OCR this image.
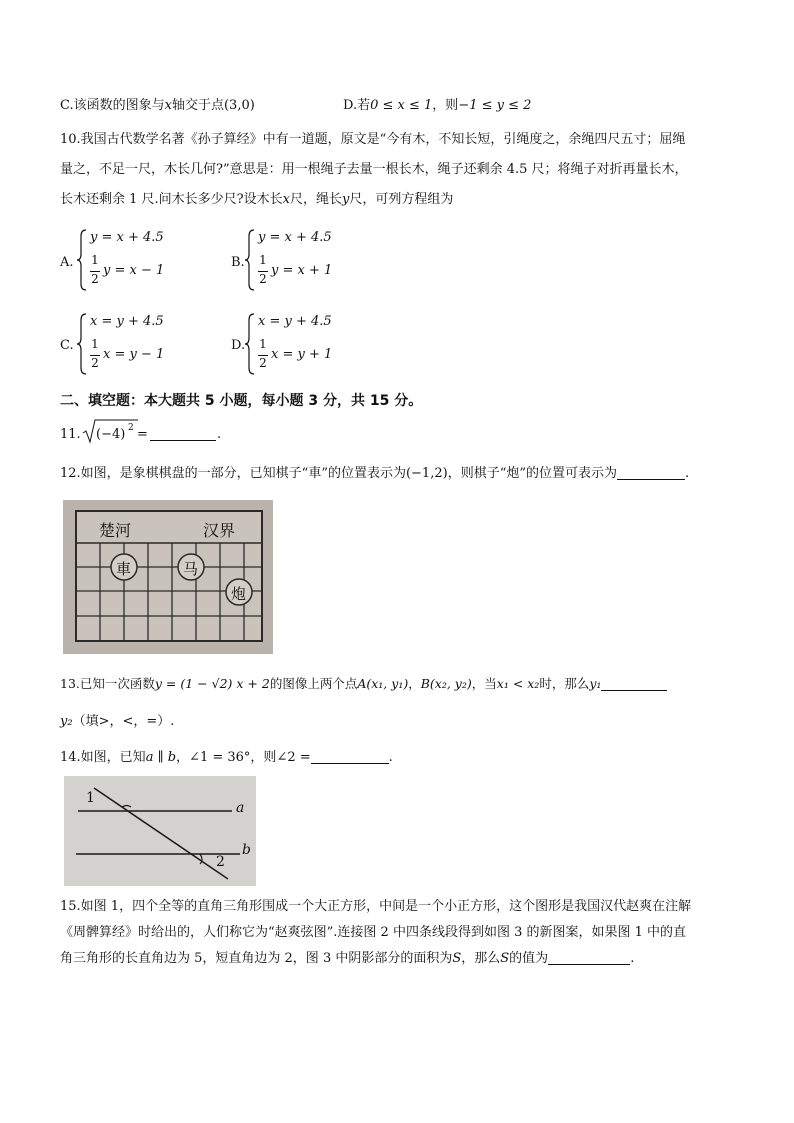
C.该函数的图象与x轴交于点(3,0)	D.若0 ≤ x ≤ 1，则−1 ≤ y ≤ 2
10.我国古代数学名著《孙子算经》中有一道题，原文是“今有木，不知长短，引绳度之，余绳四尺五寸；屈绳
量之，不足一尺，木长几何?”意思是：用一根绳子去量一根长木，绳子还剩余 4.5 尺；将绳子对折再量长木，
长木还剩余 1 尺.问木长多少尺?设木长x尺，绳长y尺，可列方程组为
A.
y = x + 4.5
1
2
y = x − 1
B.
y = x + 4.5
1
2
y = x + 1
C.
x = y + 4.5
1
2
x = y − 1
D.
x = y + 4.5
1
2
x = y + 1
二、填空题：本大题共 5 小题，每小题 3 分，共 15 分。
11. (−4) 2 =	.
12.如图，是象棋棋盘的一部分，已知棋子“車”的位置表示为(−1,2)，则棋子“炮”的位置可表示为	.
楚河	汉界
車	马
炮
13.已知一次函数y = (1 − √2) x + 2的图像上两个点A(x₁, y₁)，B(x₂, y₂)，当x₁ < x₂时，那么y₁
y₂（填>，<，=）.
14.如图，已知a ∥ b，∠1 = 36°，则∠2 =	.
1
2
a
b
15.如图 1，四个全等的直角三角形围成一个大正方形，中间是一个小正方形，这个图形是我国汉代赵爽在注解
《周髀算经》时给出的，人们称它为“赵爽弦图”.连接图 2 中四条线段得到如图 3 的新图案，如果图 1 中的直
角三角形的长直角边为 5，短直角边为 2，图 3 中阴影部分的面积为S，那么S的值为	.
